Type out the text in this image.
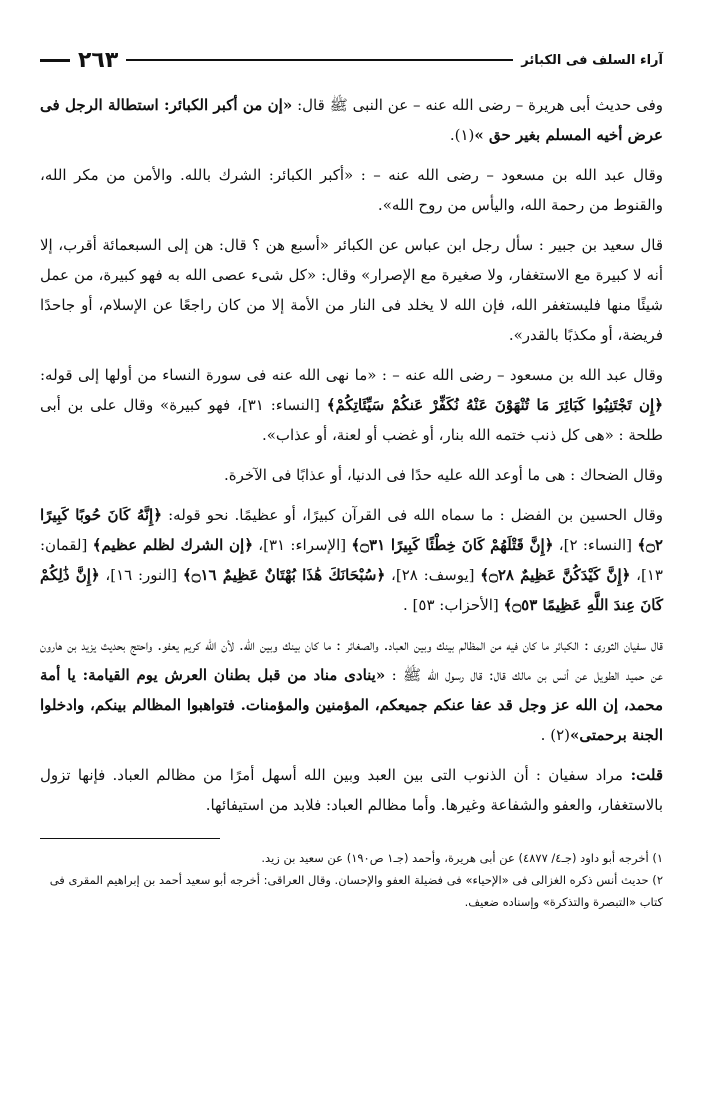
آراء السلف فى الكبائر
٢٦٣

وفى حديث أبى هريرة – رضى الله عنه – عن النبى ﷺ قال: «إن من أكبر الكبائر: استطالة الرجل فى عرض أخيه المسلم بغير حق »(١).

وقال عبد الله بن مسعود – رضى الله عنه – : «أكبر الكبائر: الشرك بالله. والأمن من مكر الله، والقنوط من رحمة الله، واليأس من روح الله».

قال سعيد بن جبير : سأل رجل ابن عباس عن الكبائر «أسبع هن ؟ قال: هن إلى السبعمائة أقرب، إلا أنه لا كبيرة مع الاستغفار، ولا صغيرة مع الإصرار» وقال: «كل شىء عصى الله به فهو كبيرة، من عمل شيئًا منها فليستغفر الله، فإن الله لا يخلد فى النار من الأمة إلا من كان راجعًا عن الإسلام، أو جاحدًا فريضة، أو مكذبًا بالقدر».

وقال عبد الله بن مسعود – رضى الله عنه – : «ما نهى الله عنه فى سورة النساء من أولها إلى قوله: ﴿إِن تَجْتَنِبُوا كَبَائِرَ مَا تُنْهَوْنَ عَنْهُ نُكَفِّرْ عَنكُمْ سَيِّئَاتِكُمْ﴾ [النساء: ٣١]، فهو كبيرة» وقال على بن أبى طلحة : «هى كل ذنب ختمه الله بنار، أو غضب أو لعنة، أو عذاب».

وقال الضحاك : هى ما أوعد الله عليه حدًا فى الدنيا، أو عذابًا فى الآخرة.

وقال الحسين بن الفضل : ما سماه الله فى القرآن كبيرًا، أو عظيمًا. نحو قوله: ﴿إِنَّهُ كَانَ حُوبًا كَبِيرًا ۝٢﴾ [النساء: ٢]، ﴿إِنَّ قَتْلَهُمْ كَانَ خِطْئًا كَبِيرًا ۝٣١﴾ [الإسراء: ٣١]، ﴿إن الشرك لظلم عظيم﴾ [لقمان: ١٣]، ﴿إِنَّ كَيْدَكُنَّ عَظِيمٌ ۝٢٨﴾ [يوسف: ٢٨]، ﴿سُبْحَانَكَ هَٰذَا بُهْتَانٌ عَظِيمٌ ۝١٦﴾ [النور: ١٦]، ﴿إِنَّ ذَٰلِكُمْ كَانَ عِندَ اللَّهِ عَظِيمًا ۝٥٣﴾ [الأحزاب: ٥٣] .

قال سفيان الثورى : الكبائر ما كان فيه من المظالم بينك وبين العباد. والصغائر : ما كان بينك وبين الله. لأن الله كريم يعفو. واحتج بحديث يزيد بن هارون عن حميد الطويل عن أنس بن مالك قال: قال رسول الله ﷺ : «ينادى مناد من قبل بطنان العرش يوم القيامة: يا أمة محمد، إن الله عز وجل قد عفا عنكم جميعكم، المؤمنين والمؤمنات. فتواهبوا المظالم بينكم، وادخلوا الجنة برحمتى»(٢) .

قلت: مراد سفيان : أن الذنوب التى بين العبد وبين الله أسهل أمرًا من مظالم العباد. فإنها تزول بالاستغفار، والعفو والشفاعة وغيرها. وأما مظالم العباد: فلابد من استيفائها.

١) أخرجه أبو داود (جـ٤/ ٤٨٧٧) عن أبى هريرة، وأحمد (جـ١ ص١٩٠) عن سعيد بن زيد.
٢) حديث أنس ذكره الغزالى فى «الإحياء» فى فضيلة العفو والإحسان. وقال العراقى: أخرجه أبو سعيد أحمد بن إبراهيم المقرى فى كتاب «التبصرة والتذكرة» وإسناده ضعيف.
